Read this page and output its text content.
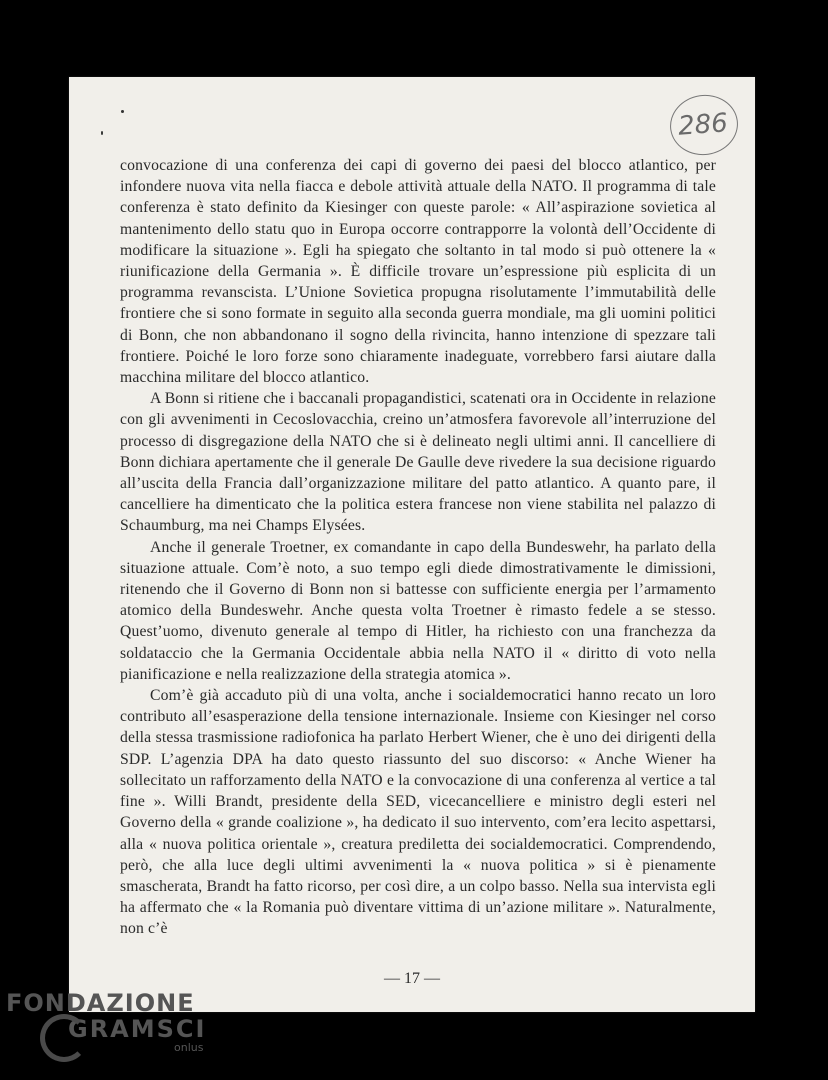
286

convocazione di una conferenza dei capi di governo dei paesi del blocco atlantico, per infondere nuova vita nella fiacca e debole attività attuale della NATO. Il programma di tale conferenza è stato definito da Kiesinger con queste parole: « All’aspirazione sovietica al mantenimento dello statu quo in Europa occorre contrapporre la volontà dell’Occidente di modificare la situazione ». Egli ha spiegato che soltanto in tal modo si può ottenere la « riunificazione della Germania ». È difficile trovare un’espressione più esplicita di un programma revanscista. L’Unione Sovietica propugna risolutamente l’immutabilità delle frontiere che si sono formate in seguito alla seconda guerra mondiale, ma gli uomini politici di Bonn, che non abbandonano il sogno della rivincita, hanno intenzione di spezzare tali frontiere. Poiché le loro forze sono chiaramente inadeguate, vorrebbero farsi aiutare dalla macchina militare del blocco atlantico.

A Bonn si ritiene che i baccanali propagandistici, scatenati ora in Occidente in relazione con gli avvenimenti in Cecoslovacchia, creino un’atmosfera favorevole all’interruzione del processo di disgregazione della NATO che si è delineato negli ultimi anni. Il cancelliere di Bonn dichiara apertamente che il generale De Gaulle deve rivedere la sua decisione riguardo all’uscita della Francia dall’organizzazione militare del patto atlantico. A quanto pare, il cancelliere ha dimenticato che la politica estera francese non viene stabilita nel palazzo di Schaumburg, ma nei Champs Elysées.

Anche il generale Troetner, ex comandante in capo della Bundeswehr, ha parlato della situazione attuale. Com’è noto, a suo tempo egli diede dimostrativamente le dimissioni, ritenendo che il Governo di Bonn non si battesse con sufficiente energia per l’armamento atomico della Bundeswehr. Anche questa volta Troetner è rimasto fedele a se stesso. Quest’uomo, divenuto generale al tempo di Hitler, ha richiesto con una franchezza da soldataccio che la Germania Occidentale abbia nella NATO il « diritto di voto nella pianificazione e nella realizzazione della strategia atomica ».

Com’è già accaduto più di una volta, anche i socialdemocratici hanno recato un loro contributo all’esasperazione della tensione internazionale. Insieme con Kiesinger nel corso della stessa trasmissione radiofonica ha parlato Herbert Wiener, che è uno dei dirigenti della SDP. L’agenzia DPA ha dato questo riassunto del suo discorso: « Anche Wiener ha sollecitato un rafforzamento della NATO e la convocazione di una conferenza al vertice a tal fine ». Willi Brandt, presidente della SED, vicecancelliere e ministro degli esteri nel Governo della « grande coalizione », ha dedicato il suo intervento, com’era lecito aspettarsi, alla « nuova politica orientale », creatura prediletta dei socialdemocratici. Comprendendo, però, che alla luce degli ultimi avvenimenti la « nuova politica » si è pienamente smascherata, Brandt ha fatto ricorso, per così dire, a un colpo basso. Nella sua intervista egli ha affermato che « la Romania può diventare vittima di un’azione militare ». Naturalmente, non c’è

— 17 —
FONDAZIONE
GRAMSCI
onlus
